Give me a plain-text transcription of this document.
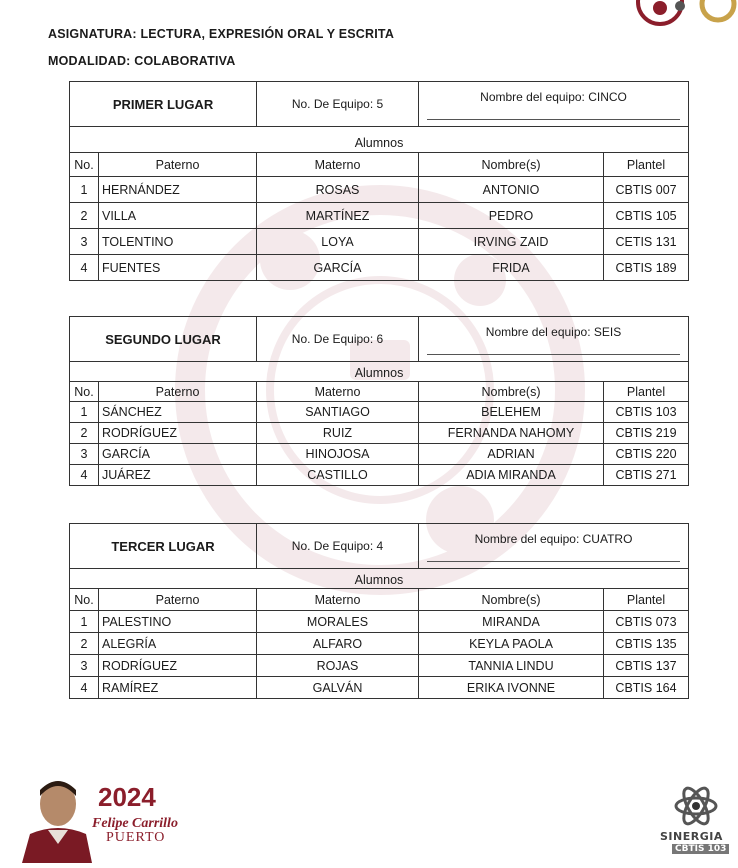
ASIGNATURA: LECTURA, EXPRESIÓN ORAL Y ESCRITA
MODALIDAD: COLABORATIVA
PRIMER LUGAR		No. De Equipo: 5	Nombre del equipo: CINCO	

Alumnos				
No.	Paterno	Materno	Nombre(s)	Plantel
1	HERNÁNDEZ	ROSAS	ANTONIO	CBTIS 007
2	VILLA	MARTÍNEZ	PEDRO	CBTIS 105
3	TOLENTINO	LOYA	IRVING ZAID	CETIS 131
4	FUENTES	GARCÍA	FRIDA	CBTIS 189
SEGUNDO LUGAR		No. De Equipo: 6	Nombre del equipo: SEIS	

Alumnos				
No.	Paterno	Materno	Nombre(s)	Plantel
1	SÁNCHEZ	SANTIAGO	BELEHEM	CBTIS 103
2	RODRÍGUEZ	RUIZ	FERNANDA NAHOMY	CBTIS 219
3	GARCÍA	HINOJOSA	ADRIAN	CBTIS 220
4	JUÁREZ	CASTILLO	ADIA MIRANDA	CBTIS 271
TERCER LUGAR		No. De Equipo: 4	Nombre del equipo: CUATRO	

Alumnos				
No.	Paterno	Materno	Nombre(s)	Plantel
1	PALESTINO	MORALES	MIRANDA	CBTIS 073
2	ALEGRÍA	ALFARO	KEYLA PAOLA	CBTIS 135
3	RODRÍGUEZ	ROJAS	TANNIA LINDU	CBTIS 137
4	RAMÍREZ	GALVÁN	ERIKA IVONNE	CBTIS 164
2024
Felipe Carrillo
PUERTO	SINERGIA
CBTIS 103
